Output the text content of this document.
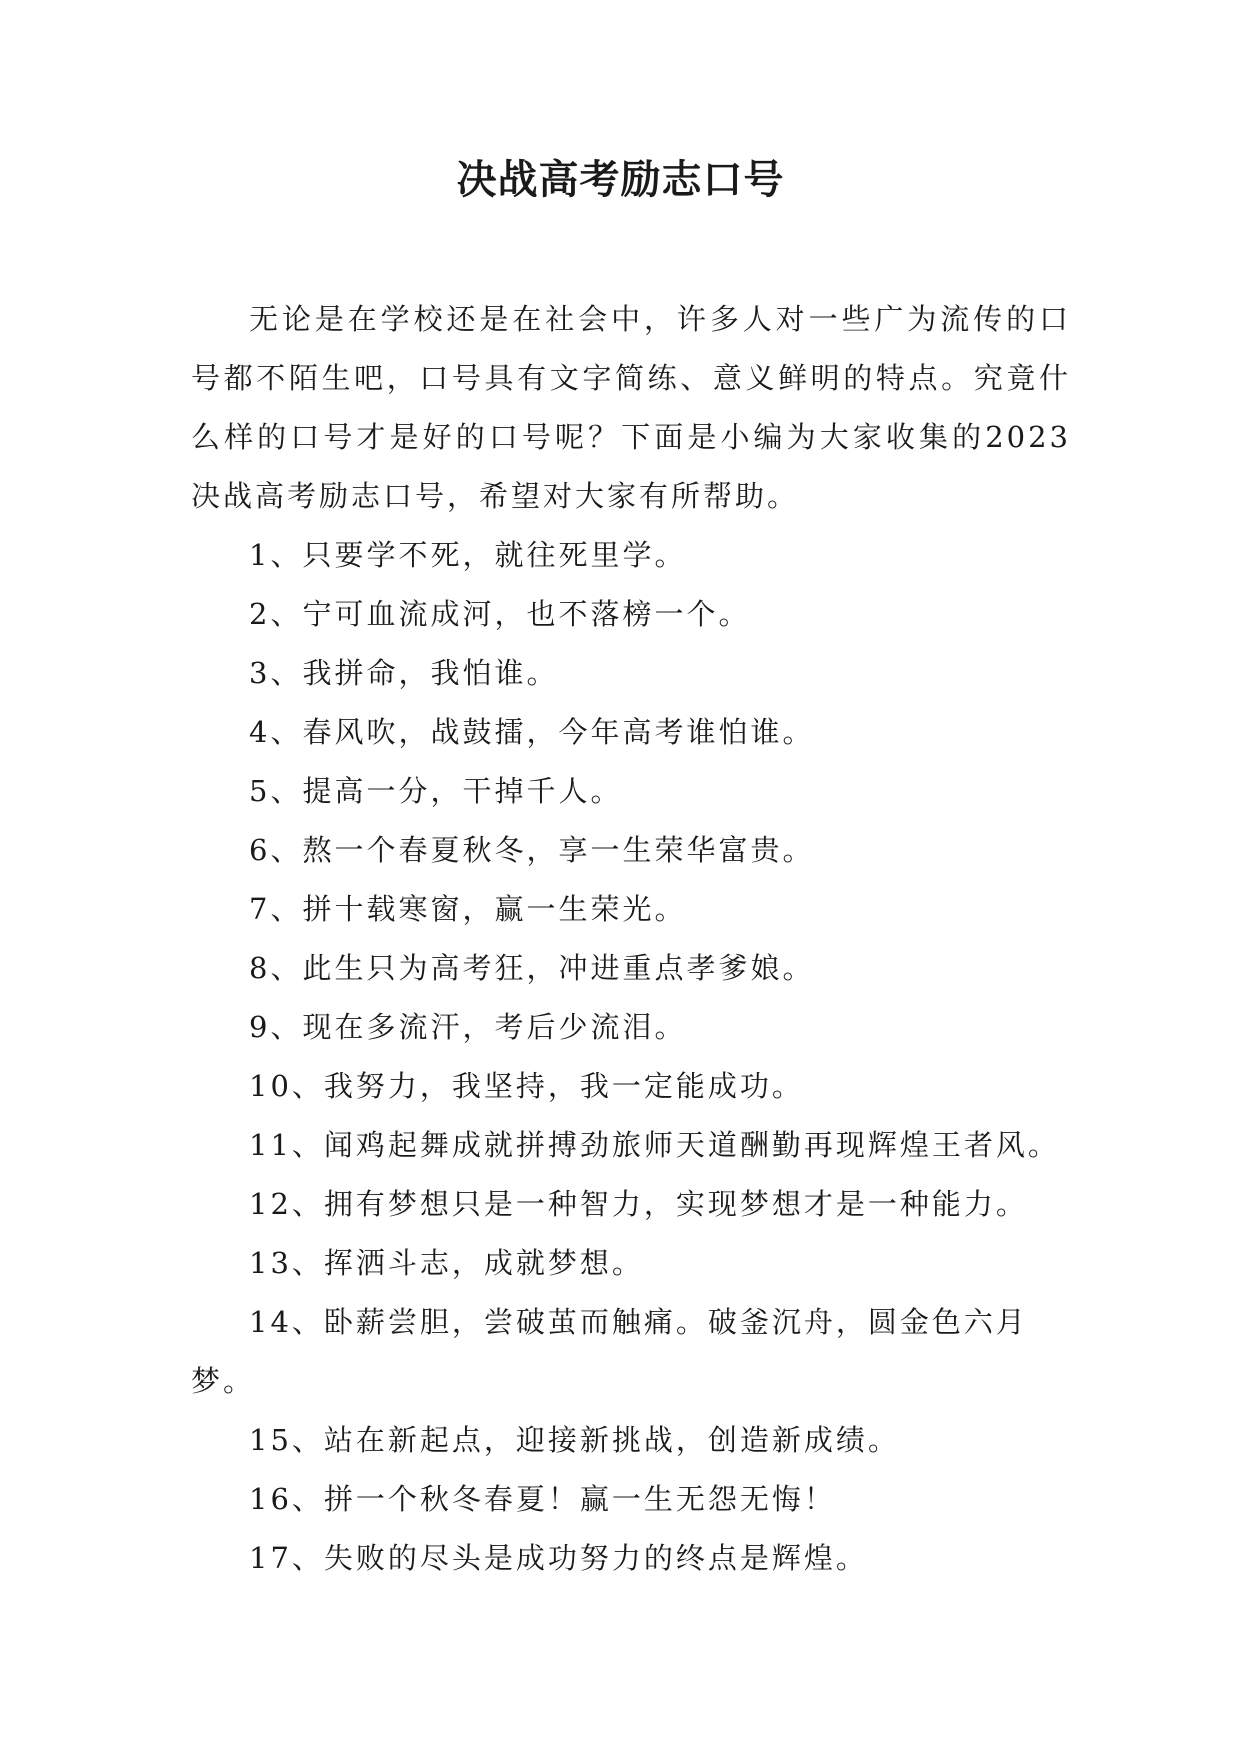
决战高考励志口号

无论是在学校还是在社会中，许多人对一些广为流传的口号都不陌生吧，口号具有文字简练、意义鲜明的特点。究竟什么样的口号才是好的口号呢？下面是小编为大家收集的2023决战高考励志口号，希望对大家有所帮助。

1、只要学不死，就往死里学。
2、宁可血流成河，也不落榜一个。
3、我拼命，我怕谁。
4、春风吹，战鼓擂，今年高考谁怕谁。
5、提高一分，干掉千人。
6、熬一个春夏秋冬，享一生荣华富贵。
7、拼十载寒窗，赢一生荣光。
8、此生只为高考狂，冲进重点孝爹娘。
9、现在多流汗，考后少流泪。
10、我努力，我坚持，我一定能成功。
11、闻鸡起舞成就拼搏劲旅师天道酬勤再现辉煌王者风。
12、拥有梦想只是一种智力，实现梦想才是一种能力。
13、挥洒斗志，成就梦想。
14、卧薪尝胆，尝破茧而触痛。破釜沉舟，圆金色六月梦。
15、站在新起点，迎接新挑战，创造新成绩。
16、拼一个秋冬春夏！赢一生无怨无悔！
17、失败的尽头是成功努力的终点是辉煌。
